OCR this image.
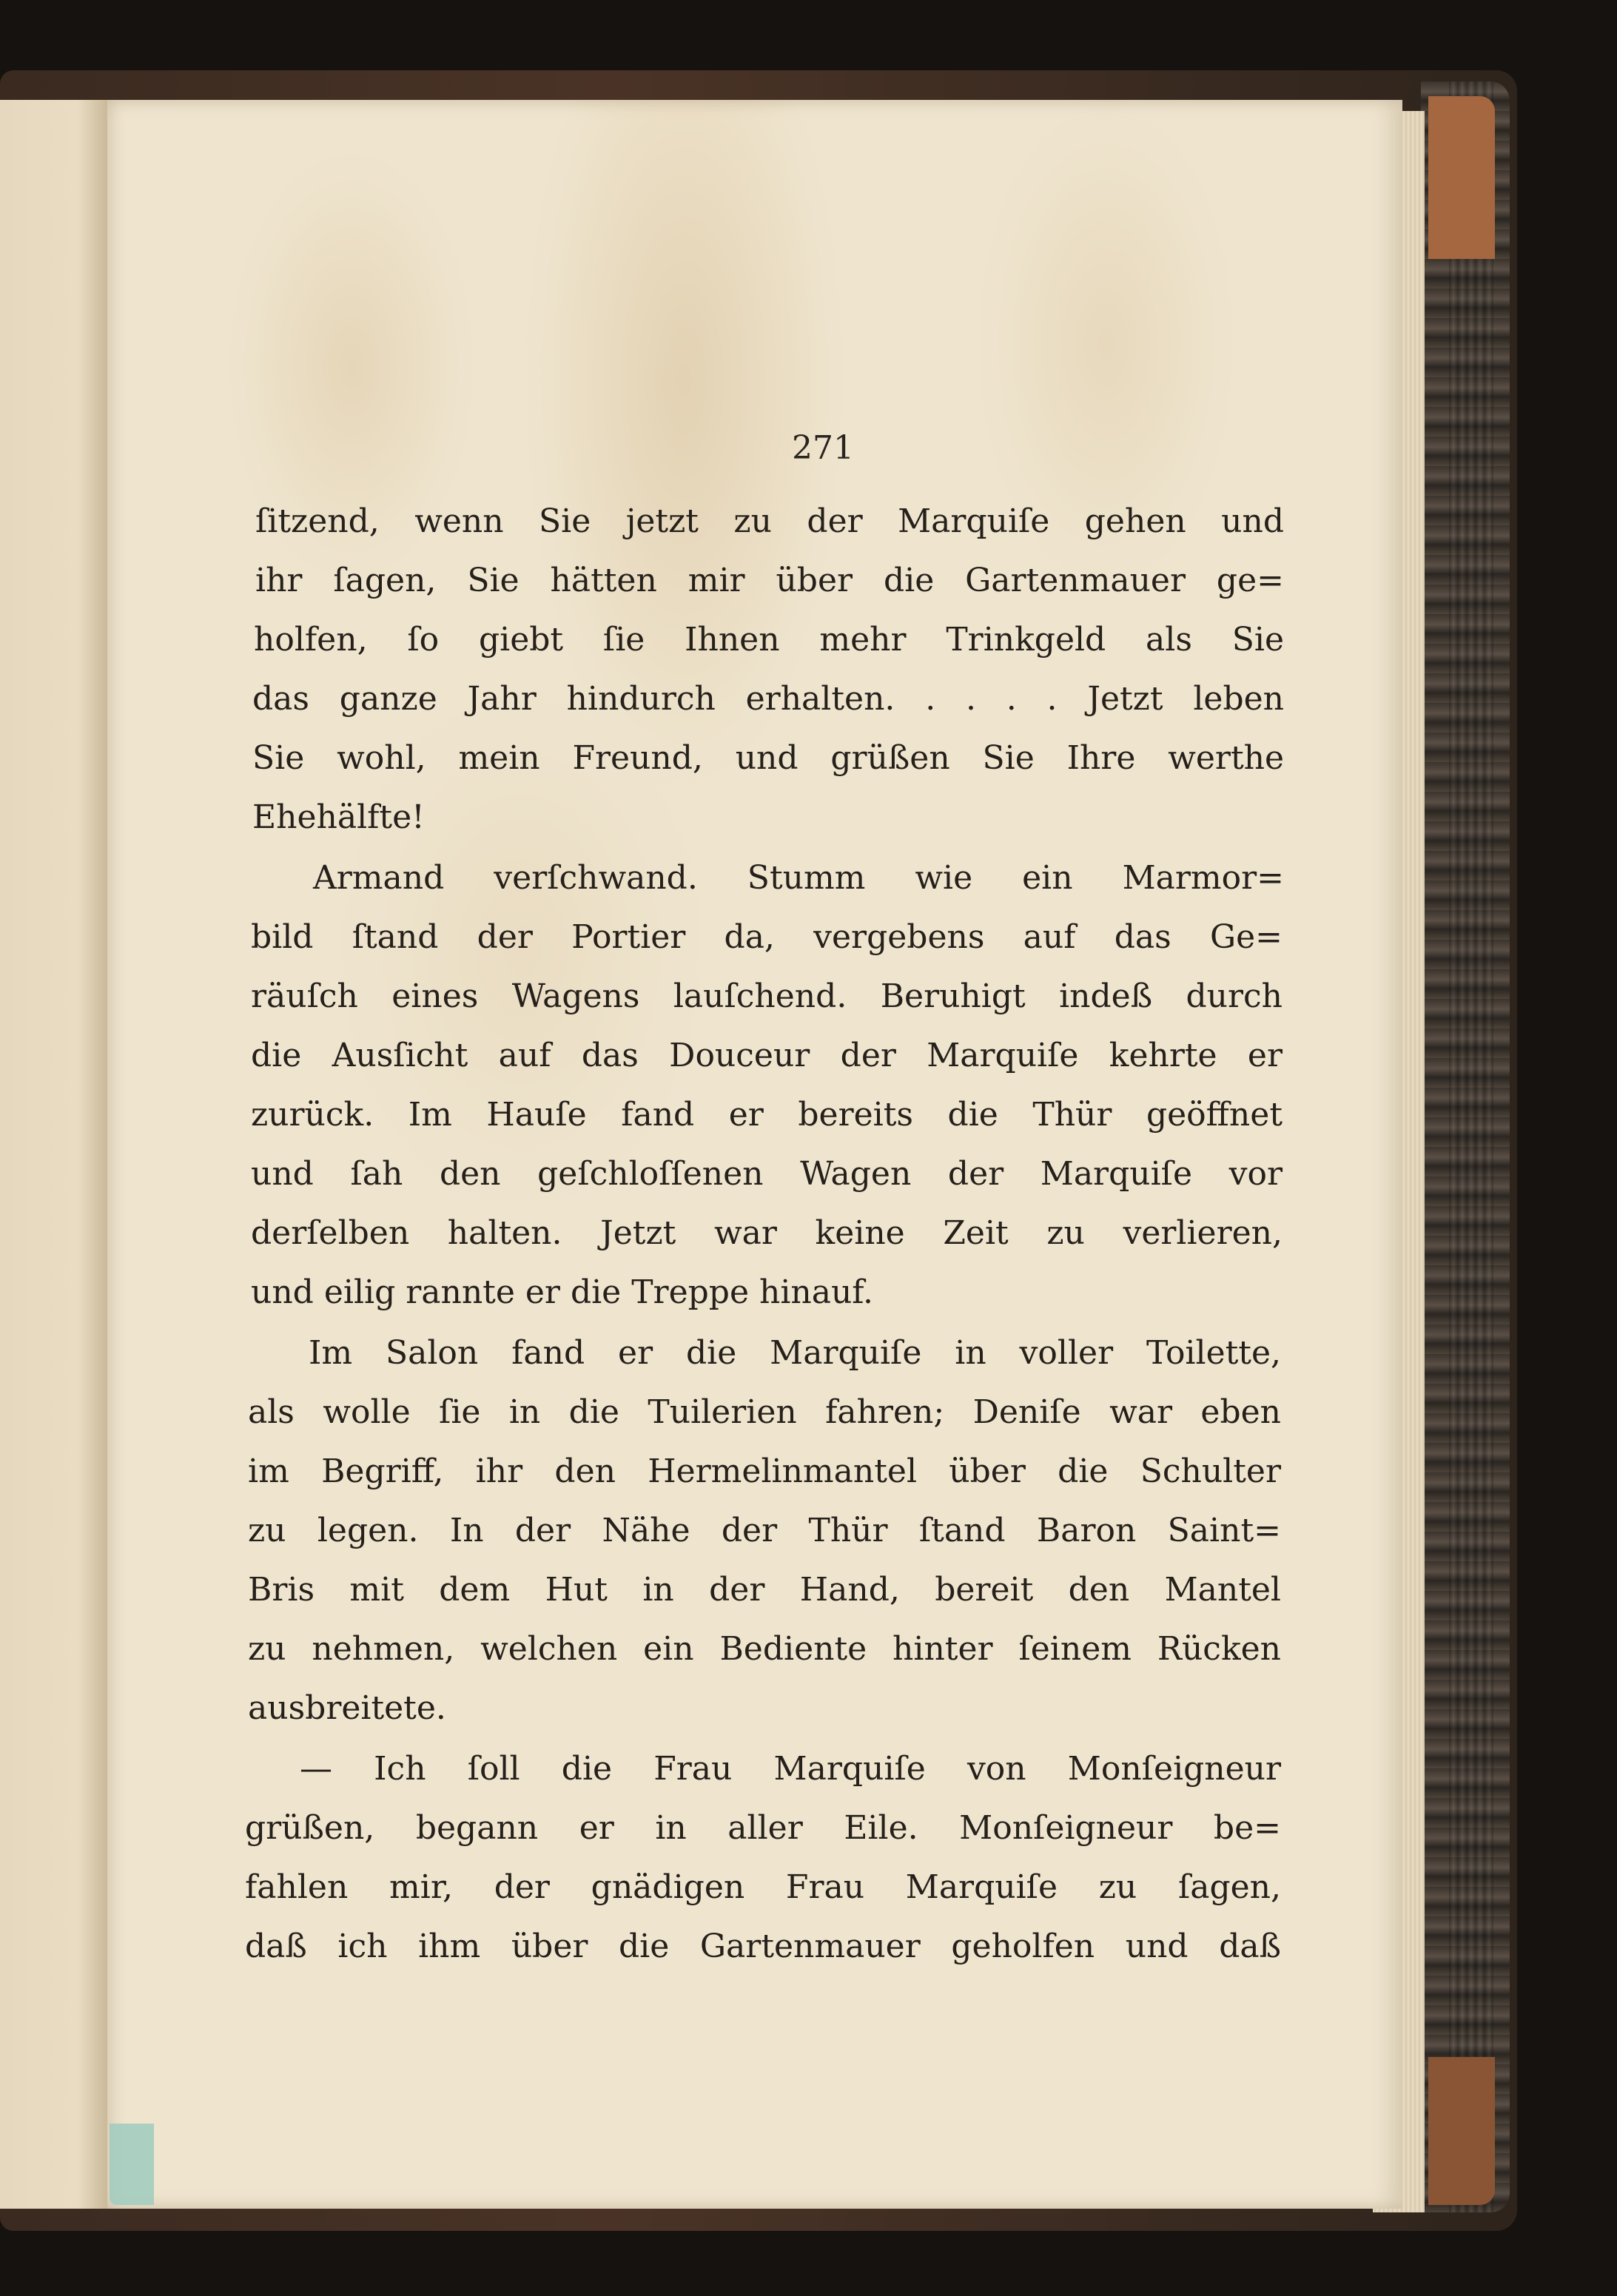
271
ſitzend, wenn Sie jetzt zu der Marquiſe gehen und
ihr ſagen, Sie hätten mir über die Gartenmauer ge=
holfen, ſo giebt ſie Ihnen mehr Trinkgeld als Sie
das ganze Jahr hindurch erhalten. . . . . Jetzt leben
Sie wohl, mein Freund, und grüßen Sie Ihre werthe
Ehehälfte!
Armand verſchwand. Stumm wie ein Marmor=
bild ſtand der Portier da, vergebens auf das Ge=
räuſch eines Wagens lauſchend. Beruhigt indeß durch
die Ausſicht auf das Douceur der Marquiſe kehrte er
zurück. Im Hauſe fand er bereits die Thür geöffnet
und ſah den geſchloſſenen Wagen der Marquiſe vor
derſelben halten. Jetzt war keine Zeit zu verlieren,
und eilig rannte er die Treppe hinauf.
Im Salon fand er die Marquiſe in voller Toilette,
als wolle ſie in die Tuilerien fahren; Deniſe war eben
im Begriff, ihr den Hermelinmantel über die Schulter
zu legen. In der Nähe der Thür ſtand Baron Saint=
Bris mit dem Hut in der Hand, bereit den Mantel
zu nehmen, welchen ein Bediente hinter ſeinem Rücken
ausbreitete.
— Ich ſoll die Frau Marquiſe von Monſeigneur
grüßen, begann er in aller Eile. Monſeigneur be=
fahlen mir, der gnädigen Frau Marquiſe zu ſagen,
daß ich ihm über die Gartenmauer geholfen und daß
